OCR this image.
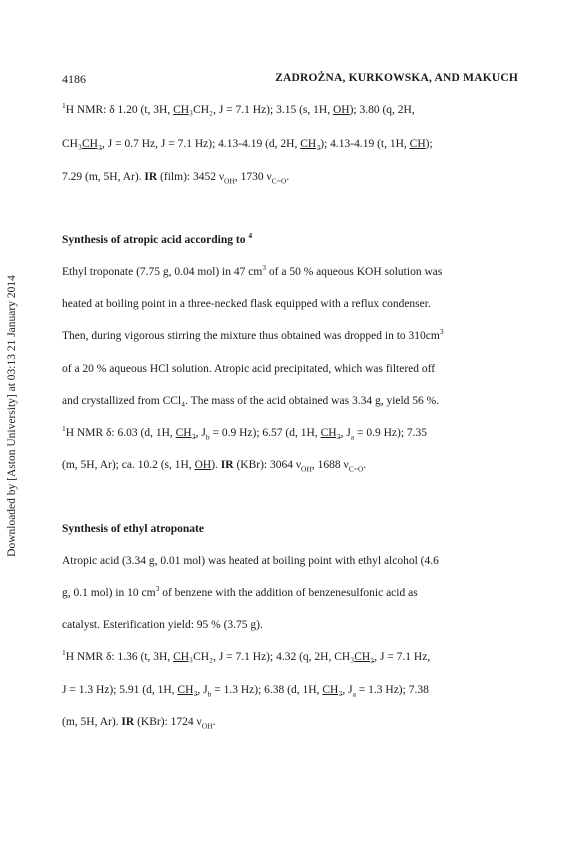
Downloaded by [Aston University] at 03:13 21 January 2014
4186	ZADROŻNA, KURKOWSKA, AND MAKUCH
$^1$H NMR: δ 1.20 (t, 3H, CH₃CH₂, J = 7.1 Hz); 3.15 (s, 1H, OH); 3.80 (q, 2H,
CH₃CH₂, J = 0.7 Hz, J = 7.1 Hz); 4.13-4.19 (d, 2H, CH₂); 4.13-4.19 (t, 1H, CH);
7.29 (m, 5H, Ar). IR (film): 3452 $\nu_{OH}$, 1730 $\nu_{C=O}$.
Synthesis of atropic acid according to $^4$
Ethyl troponate (7.75 g, 0.04 mol) in 47 $cm^3$ of a 50 % aqueous KOH solution was
heated at boiling point in a three-necked flask equipped with a reflux condenser.
Then, during vigorous stirring the mixture thus obtained was dropped in to $310cm^3$
of a 20 % aqueous HCl solution. Atropic acid precipitated, which was filtered off
and crystallized from CCl₄. The mass of the acid obtained was 3.34 g, yield 56 %.
$^1$H NMR δ: 6.03 (d, 1H, CH₂, $J_b = 0.9$ Hz); 6.57 (d, 1H, CH₂, $J_a = 0.9$ Hz); 7.35
(m, 5H, Ar); ca. 10.2 (s, 1H, OH). IR (KBr): 3064 $\nu_{OH}$, 1688 $\nu_{C=O}$.
Synthesis of ethyl atroponate
Atropic acid (3.34 g, 0.01 mol) was heated at boiling point with ethyl alcohol (4.6
g, 0.1 mol) in 10 $cm^3$ of benzene with the addition of benzenesulfonic acid as
catalyst. Esterification yield: 95 % (3.75 g).
$^1$H NMR δ: 1.36 (t, 3H, CH₃CH₂, J = 7.1 Hz); 4.32 (q, 2H, CH₃CH₂, J = 7.1 Hz,
J = 1.3 Hz); 5.91 (d, 1H, CH₂, $J_b = 1.3$ Hz); 6.38 (d, 1H, CH₂, $J_a = 1.3$ Hz); 7.38
(m, 5H, Ar). IR (KBr): 1724 $\nu_{OH}$.
